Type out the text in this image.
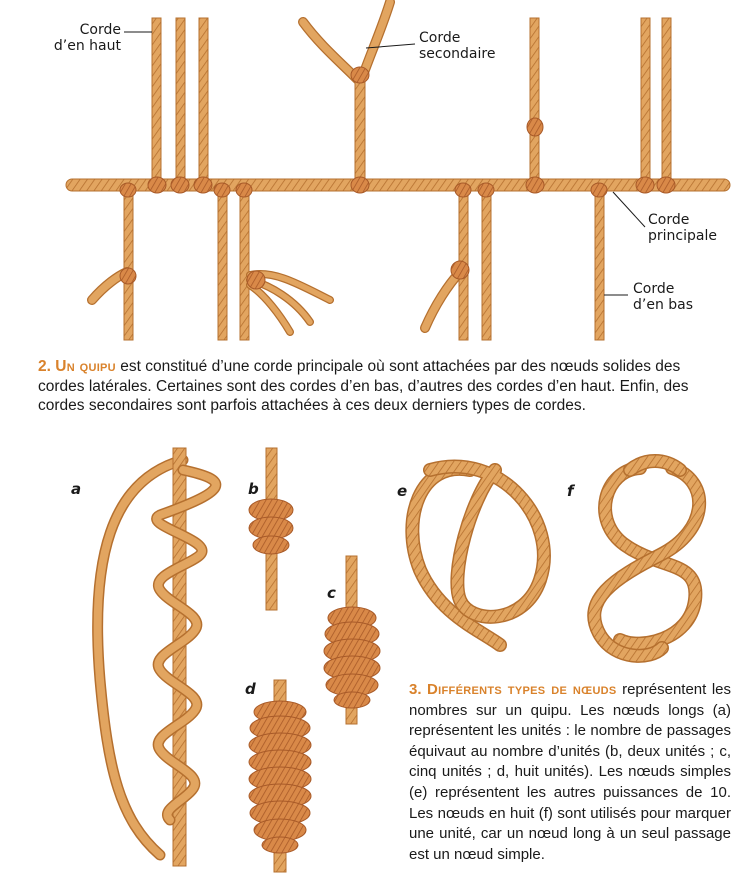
Corde
d’en haut	Corde
secondaire
Corde
principale
Corde
d’en bas
2. Un quipu est constitué d’une corde principale où sont attachées par des nœuds solides des cordes latérales. Certaines sont des cordes d’en bas, d’autres des cordes d’en haut. Enfin, des cordes secondaires sont parfois attachées à ces deux derniers types de cordes.
a	b
c
d
e	f
3. Différents types de nœuds représentent les nombres sur un quipu. Les nœuds longs (a) représentent les unités : le nombre de passages équivaut au nombre d’unités (b, deux unités ; c, cinq unités ; d, huit unités). Les nœuds simples (e) représentent les autres puissances de 10. Les nœuds en huit (f) sont utilisés pour marquer une unité, car un nœud long à un seul passage est un nœud simple.
